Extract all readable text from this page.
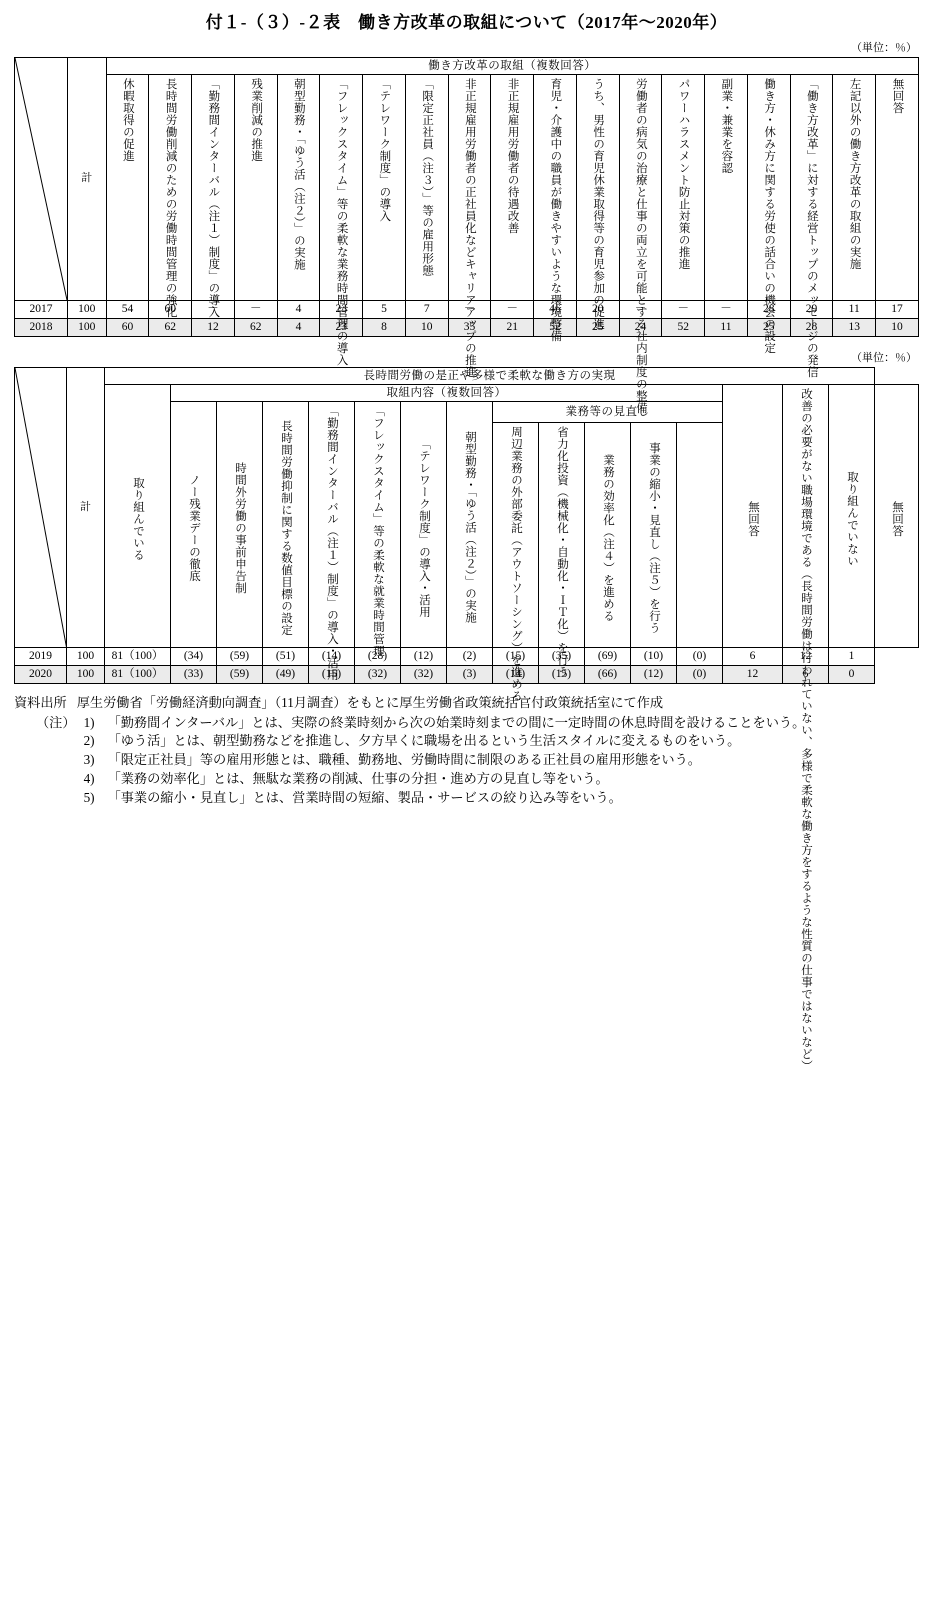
付１-（３）-２表　働き方改革の取組について（2017年～2020年）
（単位：％）
	計	働き方改革の取組（複数回答）																		

		休暇取得の促進	長時間労働削減のための労働時間管理の強化	「勤務間インターバル（注１）制度」の導入	残業削減の推進	朝型勤務・「ゆう活（注２）」の実施	「フレックスタイム」等の柔軟な業務時間管理の導入	「テレワーク制度」の導入	「限定正社員（注３）」等の雇用形態	非正規雇用労働者の正社員化などキャリアアップの推進	非正規雇用労働者の待遇改善	育児・介護中の職員が働きやすいような環境整備	うち、男性の育児休業取得等の育児参加の促進	労働者の病気の治療と仕事の両立を可能とする社内制度の整備	パワーハラスメント防止対策の推進	副業・兼業を容認	働き方・休み方に関する労使の話合いの機会の設定	「働き方改革」に対する経営トップのメッセージの発信	左記以外の働き方改革の取組の実施	無回答

2017	100	54	60	－	－	4	23	5	7	－	－	46	20	－	－	－	28	29	11	17
2018	100	60	62	12	62	4	23	8	10	35	21	52	25	24	52	11	25	28	13	10
（単位：％）
	計	長時間労働の是正や多様で柔軟な働き方の実現																

		取り組んでいる	取組内容（複数回答）												無回答	改善の必要がない職場環境である（長時間労働は行われていない、多様で柔軟な働き方をするような性質の仕事ではないなど）	取り組んでいない	無回答

			ノー残業デーの徹底	時間外労働の事前申告制	長時間労働抑制に関する数値目標の設定	「勤務間インターバル（注１）制度」の導入・活用	「フレックスタイム」等の柔軟な就業時間管理	「テレワーク制度」の導入・活用	朝型勤務・「ゆう活（注２）」の実施	業務等の見直し								

										周辺業務の外部委託（アウトソーシング）を進める	省力化投資（機械化・自動化・ＩＴ化）を行う	業務の効率化（注４）を進める	事業の縮小・見直し（注５）を行う					

2019	100	81（100）	(34)	(59)	(51)	(14)	(28)	(12)	(2)	(15)	(35)	(69)	(10)	(0)	6	12	1	
2020	100	81（100）	(33)	(59)	(49)	(15)	(32)	(32)	(3)	(14)	(15)	(66)	(12)	(0)	12	6	0	
資料出所 厚生労働省「労働経済動向調査」（11月調査）をもとに厚生労働省政策統括官付政策統括室にて作成
（注） 1) 「勤務間インターバル」とは、実際の終業時刻から次の始業時刻までの間に一定時間の休息時間を設けることをいう。
2) 「ゆう活」とは、朝型勤務などを推進し、夕方早くに職場を出るという生活スタイルに変えるものをいう。
3) 「限定正社員」等の雇用形態とは、職種、勤務地、労働時間に制限のある正社員の雇用形態をいう。
4) 「業務の効率化」とは、無駄な業務の削減、仕事の分担・進め方の見直し等をいう。
5) 「事業の縮小・見直し」とは、営業時間の短縮、製品・サービスの絞り込み等をいう。
